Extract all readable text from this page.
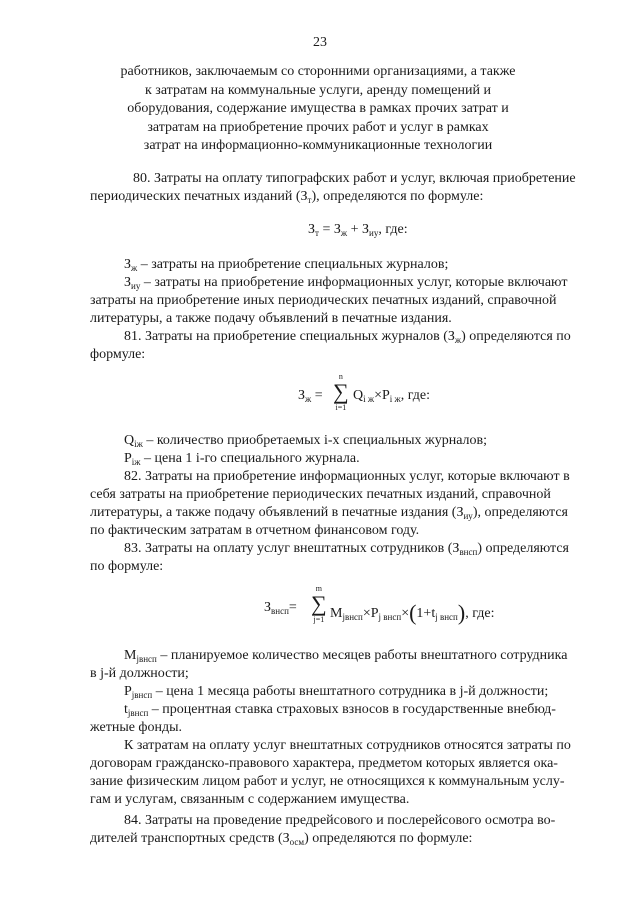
23
работников, заключаемым со сторонними организациями, а также
к затратам на коммунальные услуги, аренду помещений и
оборудования, содержание имущества в рамках прочих затрат и
затратам на приобретение прочих работ и услуг в рамках
затрат на информационно-коммуникационные технологии
80. Затраты на оплату типографских работ и услуг, включая приобретение
периодических печатных изданий $(З_т)$, определяются по формуле:
$З_т = З_ж + З_{иу}$, где:
$З_ж$ – затраты на приобретение специальных журналов;
$З_{иу}$ – затраты на приобретение информационных услуг, которые включают
затраты на приобретение иных периодических печатных изданий, справочной
литературы, а также подачу объявлений в печатные издания.
81. Затраты на приобретение специальных журналов $(З_ж)$ определяются по
формуле:
$З_ж$ =
n
∑
i=1
$Q_{i ж}\times P_{i ж}$, где:
$Q_{iж}$ – количество приобретаемых i-х специальных журналов;
$P_{iж}$ – цена 1 i-го специального журнала.
82. Затраты на приобретение информационных услуг, которые включают в
себя затраты на приобретение периодических печатных изданий, справочной
литературы, а также подачу объявлений в печатные издания $(З_{иу})$, определяются
по фактическим затратам в отчетном финансовом году.
83. Затраты на оплату услуг внештатных сотрудников $(З_{внсп})$ определяются
по формуле:
$З_{внсп}=$
m
∑
j=1 $M_{jвнсп}\times P_{j внсп}\times(1+t_{j внсп})$, где:
$M_{jвнсп}$ – планируемое количество месяцев работы внештатного сотрудника
в j-й должности;
$P_{jвнсп}$ – цена 1 месяца работы внештатного сотрудника в j-й должности;
$t_{jвнсп}$ – процентная ставка страховых взносов в государственные внебюд-
жетные фонды.
К затратам на оплату услуг внештатных сотрудников относятся затраты по
договорам гражданско-правового характера, предметом которых является ока-
зание физическим лицом работ и услуг, не относящихся к коммунальным услу-
гам и услугам, связанным с содержанием имущества.
84. Затраты на проведение предрейсового и послерейсового осмотра во-
дителей транспортных средств $(З_{осм})$ определяются по формуле:
